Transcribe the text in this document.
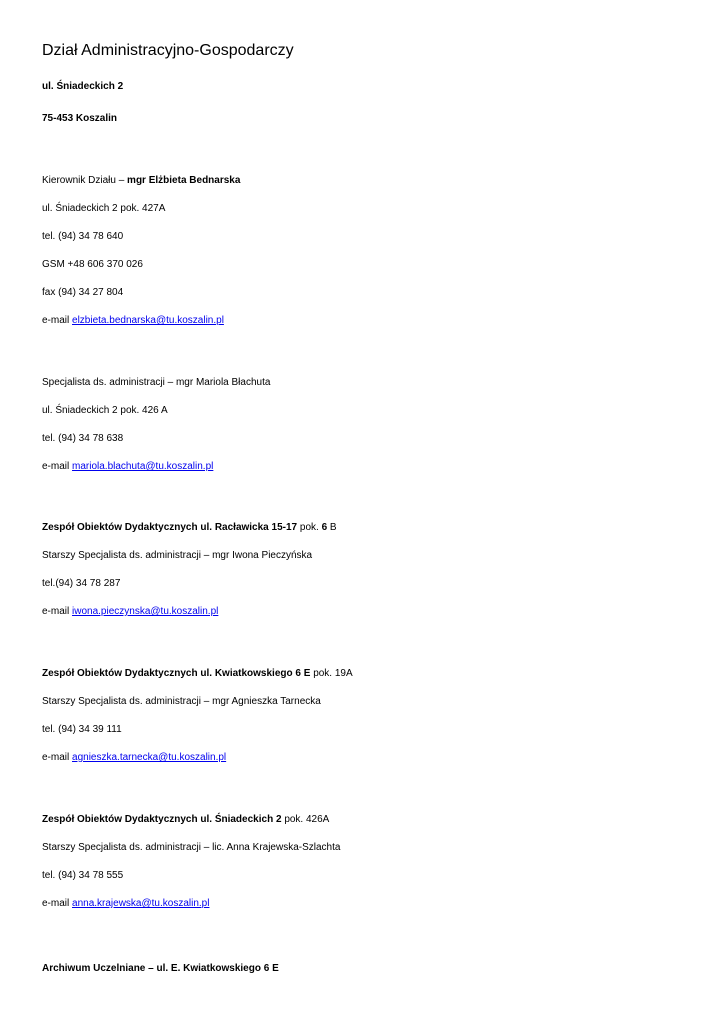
Dział Administracyjno-Gospodarczy
ul. Śniadeckich 2
75-453 Koszalin
Kierownik Działu – mgr Elżbieta Bednarska
ul. Śniadeckich 2 pok. 427A
tel. (94) 34 78 640
GSM +48 606 370 026
fax (94) 34 27 804
e-mail elzbieta.bednarska@tu.koszalin.pl
Specjalista ds. administracji – mgr Mariola Błachuta
ul. Śniadeckich 2 pok. 426 A
tel. (94) 34 78 638
e-mail mariola.blachuta@tu.koszalin.pl
Zespół Obiektów Dydaktycznych ul. Racławicka 15-17 pok. 6 B
Starszy Specjalista ds. administracji – mgr Iwona Pieczyńska
tel.(94) 34 78 287
e-mail iwona.pieczynska@tu.koszalin.pl
Zespół Obiektów Dydaktycznych ul. Kwiatkowskiego 6 E pok. 19A
Starszy Specjalista ds. administracji – mgr Agnieszka Tarnecka
tel. (94) 34 39 111
e-mail agnieszka.tarnecka@tu.koszalin.pl
Zespół Obiektów Dydaktycznych ul. Śniadeckich 2 pok. 426A
Starszy Specjalista ds. administracji – lic. Anna Krajewska-Szlachta
tel. (94) 34 78 555
e-mail anna.krajewska@tu.koszalin.pl
Archiwum Uczelniane – ul. E. Kwiatkowskiego 6 E
